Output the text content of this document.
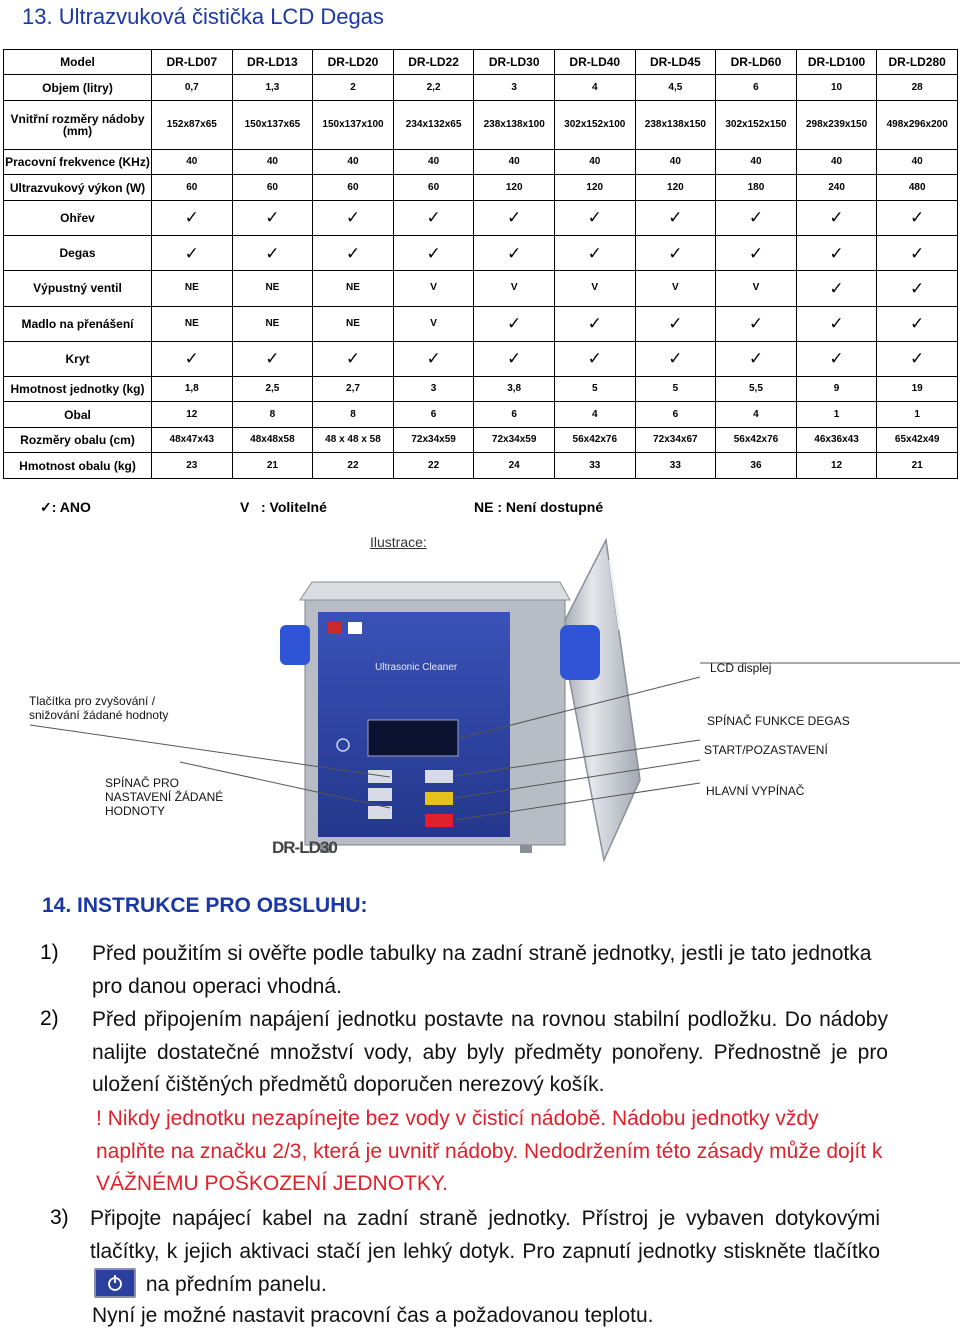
13. Ultrazvuková čistička LCD Degas
Model	DR-LD07	DR-LD13	DR-LD20	DR-LD22	DR-LD30	DR-LD40	DR-LD45	DR-LD60	DR-LD100	DR-LD280
Objem (litry)	0,7	1,3	2	2,2	3	4	4,5	6	10	28
Vnitřní rozměry nádoby (mm)	152x87x65	150x137x65	150x137x100	234x132x65	238x138x100	302x152x100	238x138x150	302x152x150	298x239x150	498x296x200
Pracovní frekvence (KHz)	40	40	40	40	40	40	40	40	40	40
Ultrazvukový výkon (W)	60	60	60	60	120	120	120	180	240	480
Ohřev	✓	✓	✓	✓	✓	✓	✓	✓	✓	✓
Degas	✓	✓	✓	✓	✓	✓	✓	✓	✓	✓
Výpustný ventil	NE	NE	NE	V	V	V	V	V	✓	✓
Madlo na přenášení	NE	NE	NE	V	✓	✓	✓	✓	✓	✓
Kryt	✓	✓	✓	✓	✓	✓	✓	✓	✓	✓
Hmotnost jednotky (kg)	1,8	2,5	2,7	3	3,8	5	5	5,5	9	19
Obal	12	8	8	6	6	4	6	4	1	1
Rozměry obalu (cm)	48x47x43	48x48x58	48 x 48 x 58	72x34x59	72x34x59	56x42x76	72x34x67	56x42x76	46x36x43	65x42x49
Hmotnost obalu (kg)	23	21	22	22	24	33	33	36	12	21
✓: ANO	V   : Volitelné	NE : Není dostupné
Ilustrace:
Ultrasonic Cleaner
DR-LD30
LCD displej
Tlačítka pro zvyšování /
snižování žádané hodnoty	SPÍNAČ FUNKCE DEGAS
START/POZASTAVENÍ
SPÍNAČ PRO
NASTAVENÍ ŽÁDANÉ
HODNOTY
HLAVNÍ VYPÍNAČ
14. INSTRUKCE PRO OBSLUHU:
1) Před použitím si ověřte podle tabulky na zadní straně jednotky, jestli je tato jednotka pro danou operaci vhodná.
2) Před připojením napájení jednotku postavte na rovnou stabilní podložku. Do nádoby nalijte dostatečné množství vody, aby byly předměty ponořeny. Přednostně je pro uložení čištěných předmětů doporučen nerezový košík.
! Nikdy jednotku nezapínejte bez vody v čisticí nádobě. Nádobu jednotky vždy naplňte na značku 2/3, která je uvnitř nádoby. Nedodržením této zásady může dojít k VÁŽNÉMU POŠKOZENÍ JEDNOTKY.
3) Připojte napájecí kabel na zadní straně jednotky. Přístroj je vybaven dotykovými tlačítky, k jejich aktivaci stačí jen lehký dotyk. Pro zapnutí jednotky stiskněte tlačítko  na předním panelu.
Nyní je možné nastavit pracovní čas a požadovanou teplotu.
